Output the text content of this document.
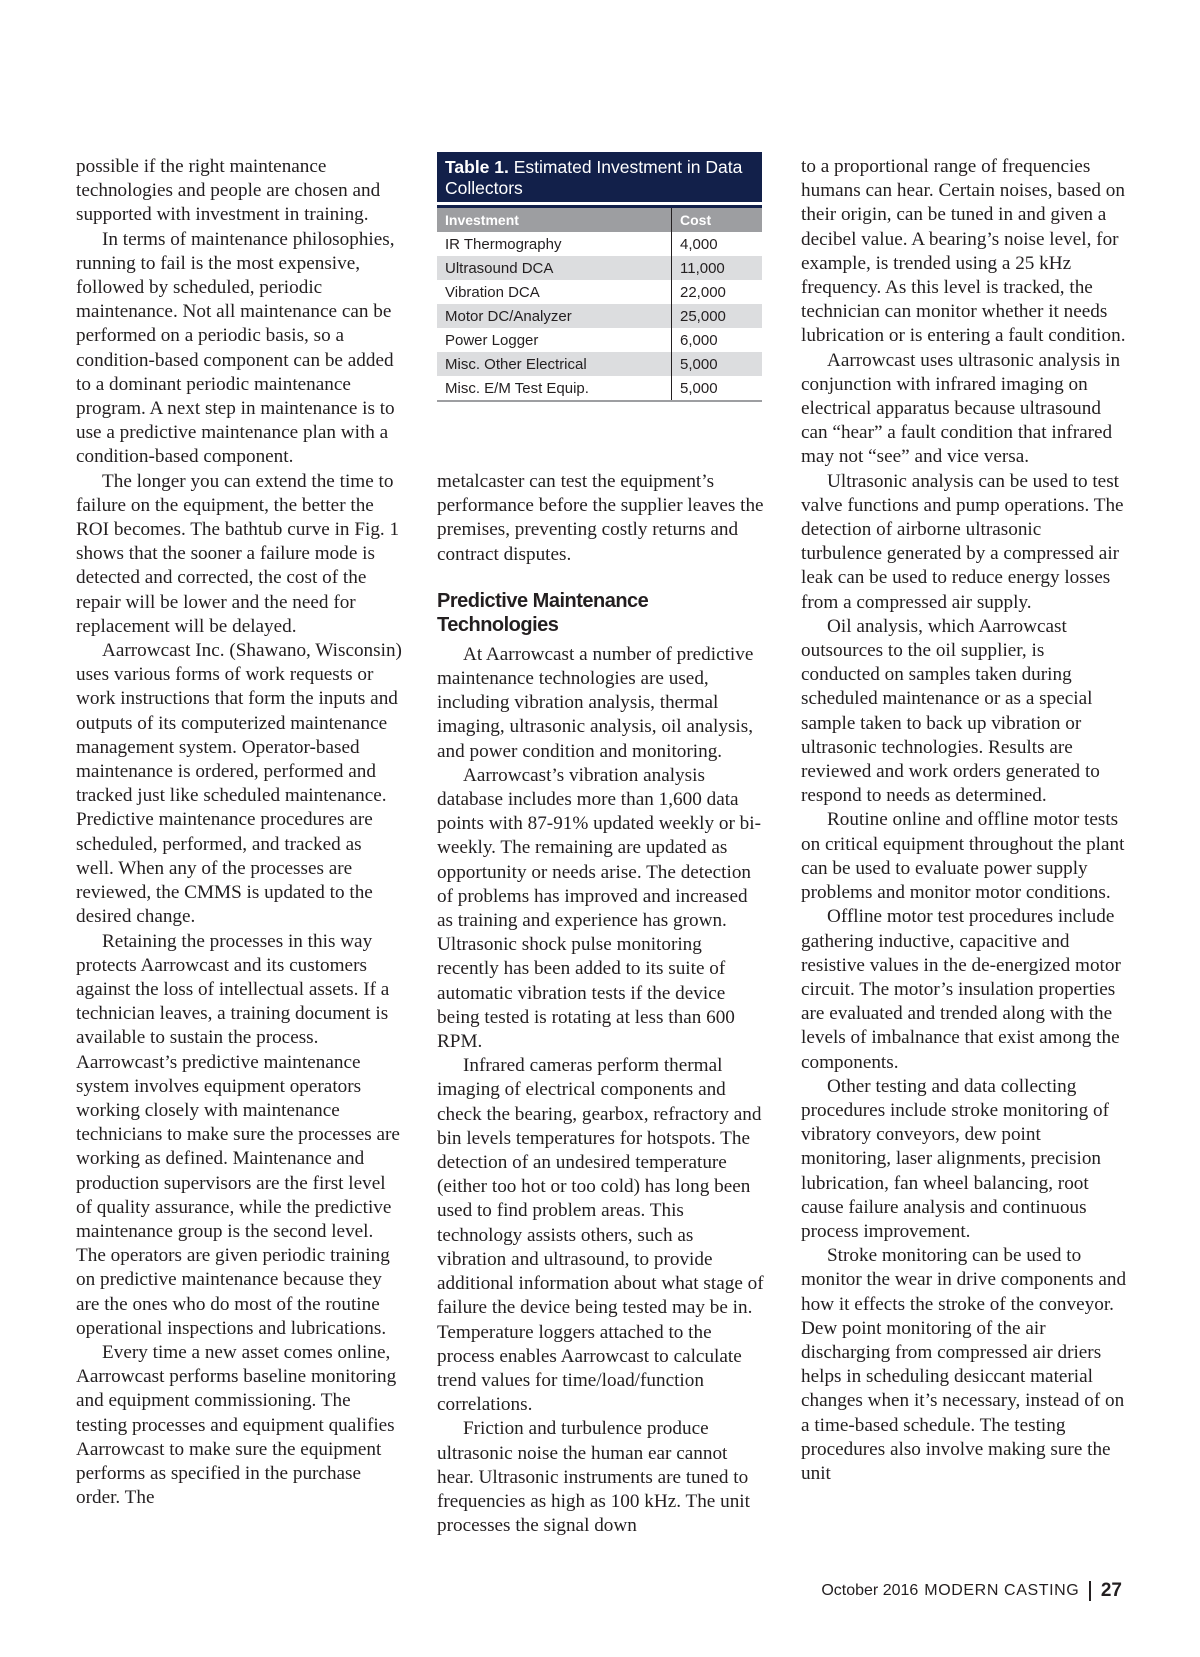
possible if the right maintenance technologies and people are chosen and supported with investment in training.

In terms of maintenance philosophies, running to fail is the most expensive, followed by scheduled, periodic maintenance. Not all maintenance can be performed on a periodic basis, so a condition-based component can be added to a dominant periodic maintenance program. A next step in maintenance is to use a predictive maintenance plan with a condition-based component.

The longer you can extend the time to failure on the equipment, the better the ROI becomes. The bathtub curve in Fig. 1 shows that the sooner a failure mode is detected and corrected, the cost of the repair will be lower and the need for replacement will be delayed.

Aarrowcast Inc. (Shawano, Wisconsin) uses various forms of work requests or work instructions that form the inputs and outputs of its computerized maintenance management system. Operator-based maintenance is ordered, performed and tracked just like scheduled maintenance. Predictive maintenance procedures are scheduled, performed, and tracked as well. When any of the processes are reviewed, the CMMS is updated to the desired change.

Retaining the processes in this way protects Aarrowcast and its customers against the loss of intellectual assets. If a technician leaves, a training document is available to sustain the process. Aarrowcast’s predictive maintenance system involves equipment operators working closely with maintenance technicians to make sure the processes are working as defined. Maintenance and production supervisors are the first level of quality assurance, while the predictive maintenance group is the second level. The operators are given periodic training on predictive maintenance because they are the ones who do most of the routine operational inspections and lubrications.

Every time a new asset comes online, Aarrowcast performs baseline monitoring and equipment commissioning. The testing processes and equipment qualifies Aarrowcast to make sure the equipment performs as specified in the purchase order. The

Table 1. Estimated Investment in Data Collectors
Investment	Cost
IR Thermography	4,000
Ultrasound DCA	11,000
Vibration DCA	22,000
Motor DC/Analyzer	25,000
Power Logger	6,000
Misc. Other Electrical	5,000
Misc. E/M Test Equip.	5,000

metalcaster can test the equipment’s performance before the supplier leaves the premises, preventing costly returns and contract disputes.

Predictive Maintenance Technologies

At Aarrowcast a number of predictive maintenance technologies are used, including vibration analysis, thermal imaging, ultrasonic analysis, oil analysis, and power condition and monitoring.

Aarrowcast’s vibration analysis database includes more than 1,600 data points with 87-91% updated weekly or bi-weekly. The remaining are updated as opportunity or needs arise. The detection of problems has improved and increased as training and experience has grown. Ultrasonic shock pulse monitoring recently has been added to its suite of automatic vibration tests if the device being tested is rotating at less than 600 RPM.

Infrared cameras perform thermal imaging of electrical components and check the bearing, gearbox, refractory and bin levels temperatures for hotspots. The detection of an undesired temperature (either too hot or too cold) has long been used to find problem areas. This technology assists others, such as vibration and ultrasound, to provide additional information about what stage of failure the device being tested may be in. Temperature loggers attached to the process enables Aarrowcast to calculate trend values for time/load/function correlations.

Friction and turbulence produce ultrasonic noise the human ear cannot hear. Ultrasonic instruments are tuned to frequencies as high as 100 kHz. The unit processes the signal down

to a proportional range of frequencies humans can hear. Certain noises, based on their origin, can be tuned in and given a decibel value. A bearing’s noise level, for example, is trended using a 25 kHz frequency. As this level is tracked, the technician can monitor whether it needs lubrication or is entering a fault condition.

Aarrowcast uses ultrasonic analysis in conjunction with infrared imaging on electrical apparatus because ultrasound can “hear” a fault condition that infrared may not “see” and vice versa.

Ultrasonic analysis can be used to test valve functions and pump operations. The detection of airborne ultrasonic turbulence generated by a compressed air leak can be used to reduce energy losses from a compressed air supply.

Oil analysis, which Aarrowcast outsources to the oil supplier, is conducted on samples taken during scheduled maintenance or as a special sample taken to back up vibration or ultrasonic technologies. Results are reviewed and work orders generated to respond to needs as determined.

Routine online and offline motor tests on critical equipment throughout the plant can be used to evaluate power supply problems and monitor motor conditions.

Offline motor test procedures include gathering inductive, capacitive and resistive values in the de-energized motor circuit. The motor’s insulation properties are evaluated and trended along with the levels of imbalnance that exist among the components.

Other testing and data collecting procedures include stroke monitoring of vibratory conveyors, dew point monitoring, laser alignments, precision lubrication, fan wheel balancing, root cause failure analysis and continuous process improvement.

Stroke monitoring can be used to monitor the wear in drive components and how it effects the stroke of the conveyor. Dew point monitoring of the air discharging from compressed air driers helps in scheduling desiccant material changes when it’s necessary, instead of on a time-based schedule. The testing procedures also involve making sure the unit

October 2016 MODERN CASTING 27
